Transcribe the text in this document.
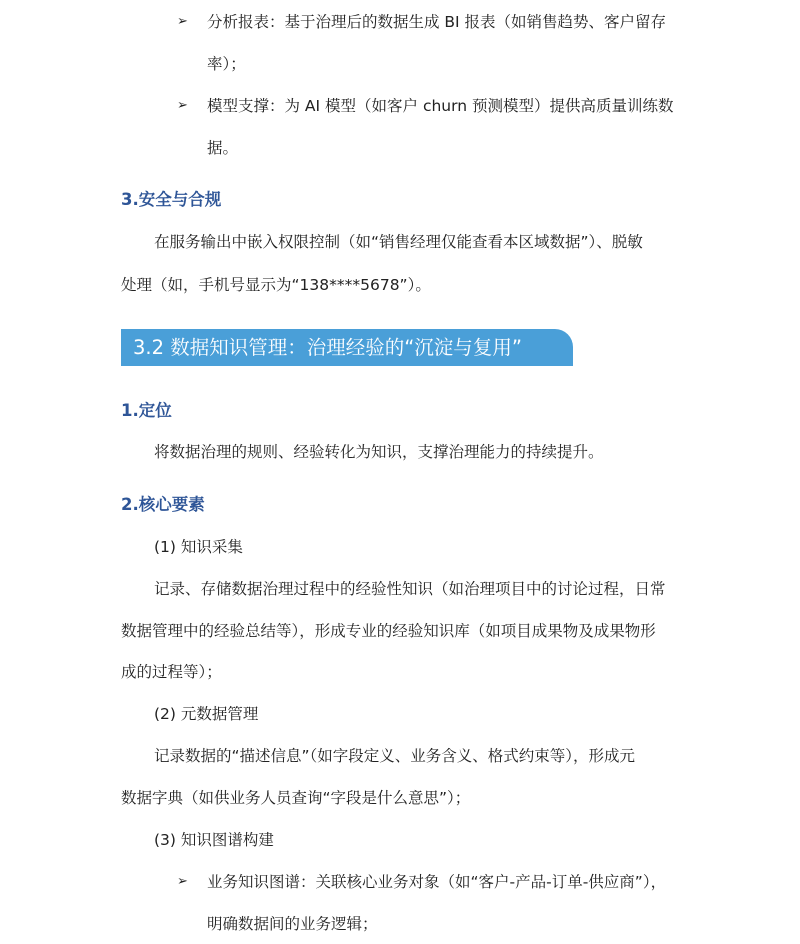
➢ 分析报表：基于治理后的数据生成 BI 报表（如销售趋势、客户留存
率）；
➢ 模型支撑：为 AI 模型（如客户 churn 预测模型）提供高质量训练数
据。
3.安全与合规
在服务输出中嵌入权限控制（如“销售经理仅能查看本区域数据”）、脱敏
处理（如，手机号显示为“138****5678”）。
3.2 数据知识管理：治理经验的“沉淀与复用”
1.定位
将数据治理的规则、经验转化为知识，支撑治理能力的持续提升。
2.核心要素
(1) 知识采集
记录、存储数据治理过程中的经验性知识（如治理项目中的讨论过程，日常
数据管理中的经验总结等），形成专业的经验知识库（如项目成果物及成果物形
成的过程等）；
(2) 元数据管理
记录数据的“描述信息”（如字段定义、业务含义、格式约束等），形成元
数据字典（如供业务人员查询“字段是什么意思”）；
(3) 知识图谱构建
➢ 业务知识图谱：关联核心业务对象（如“客户-产品-订单-供应商”），
明确数据间的业务逻辑；
